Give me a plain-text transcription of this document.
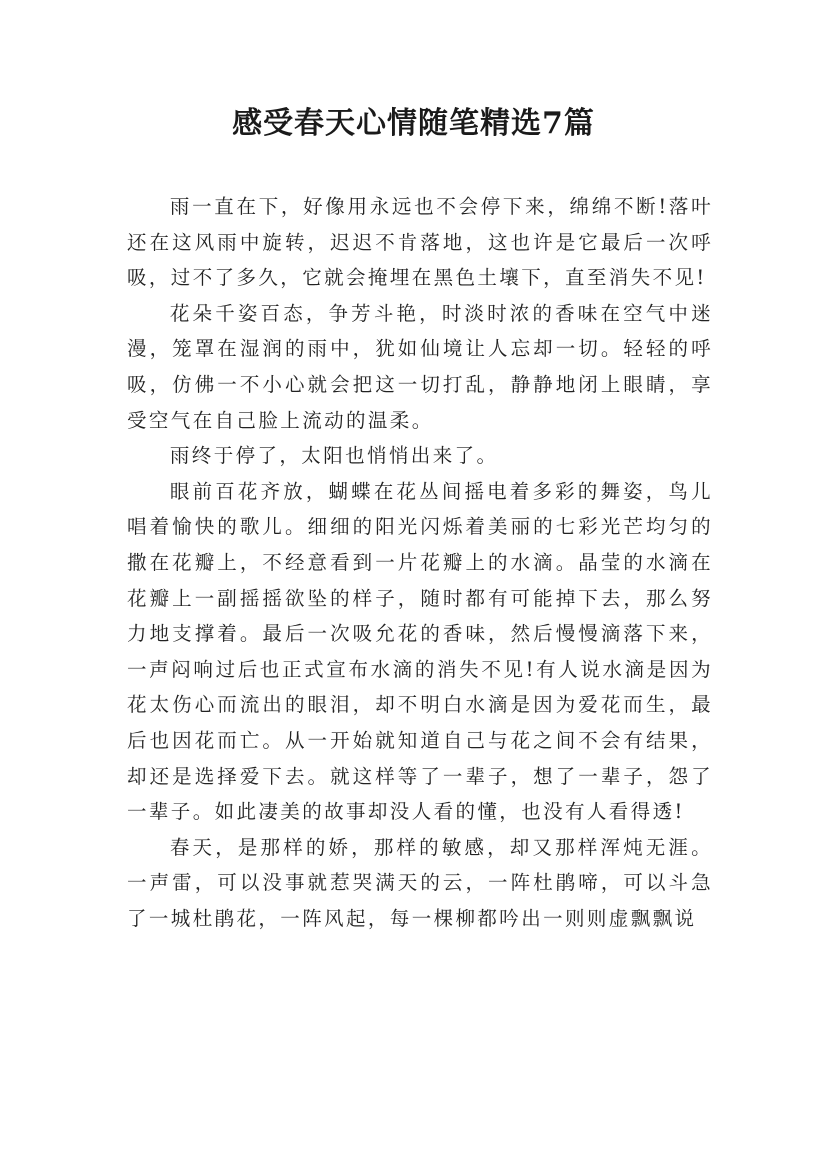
感受春天心情随笔精选7篇

雨一直在下，好像用永远也不会停下来，绵绵不断!落叶还在这风雨中旋转，迟迟不肯落地，这也许是它最后一次呼吸，过不了多久，它就会掩埋在黑色土壤下，直至消失不见!

花朵千姿百态，争芳斗艳，时淡时浓的香味在空气中迷漫，笼罩在湿润的雨中，犹如仙境让人忘却一切。轻轻的呼吸，仿佛一不小心就会把这一切打乱，静静地闭上眼睛，享受空气在自己脸上流动的温柔。

雨终于停了，太阳也悄悄出来了。

眼前百花齐放，蝴蝶在花丛间摇电着多彩的舞姿，鸟儿唱着愉快的歌儿。细细的阳光闪烁着美丽的七彩光芒均匀的撒在花瓣上，不经意看到一片花瓣上的水滴。晶莹的水滴在花瓣上一副摇摇欲坠的样子，随时都有可能掉下去，那么努力地支撑着。最后一次吸允花的香味，然后慢慢滴落下来，一声闷响过后也正式宣布水滴的消失不见!有人说水滴是因为花太伤心而流出的眼泪，却不明白水滴是因为爱花而生，最后也因花而亡。从一开始就知道自己与花之间不会有结果，却还是选择爱下去。就这样等了一辈子，想了一辈子，怨了一辈子。如此凄美的故事却没人看的懂，也没有人看得透!

春天，是那样的娇，那样的敏感，却又那样浑炖无涯。一声雷，可以没事就惹哭满天的云，一阵杜鹃啼，可以斗急了一城杜鹃花，一阵风起，每一棵柳都吟出一则则虚飘飘说
